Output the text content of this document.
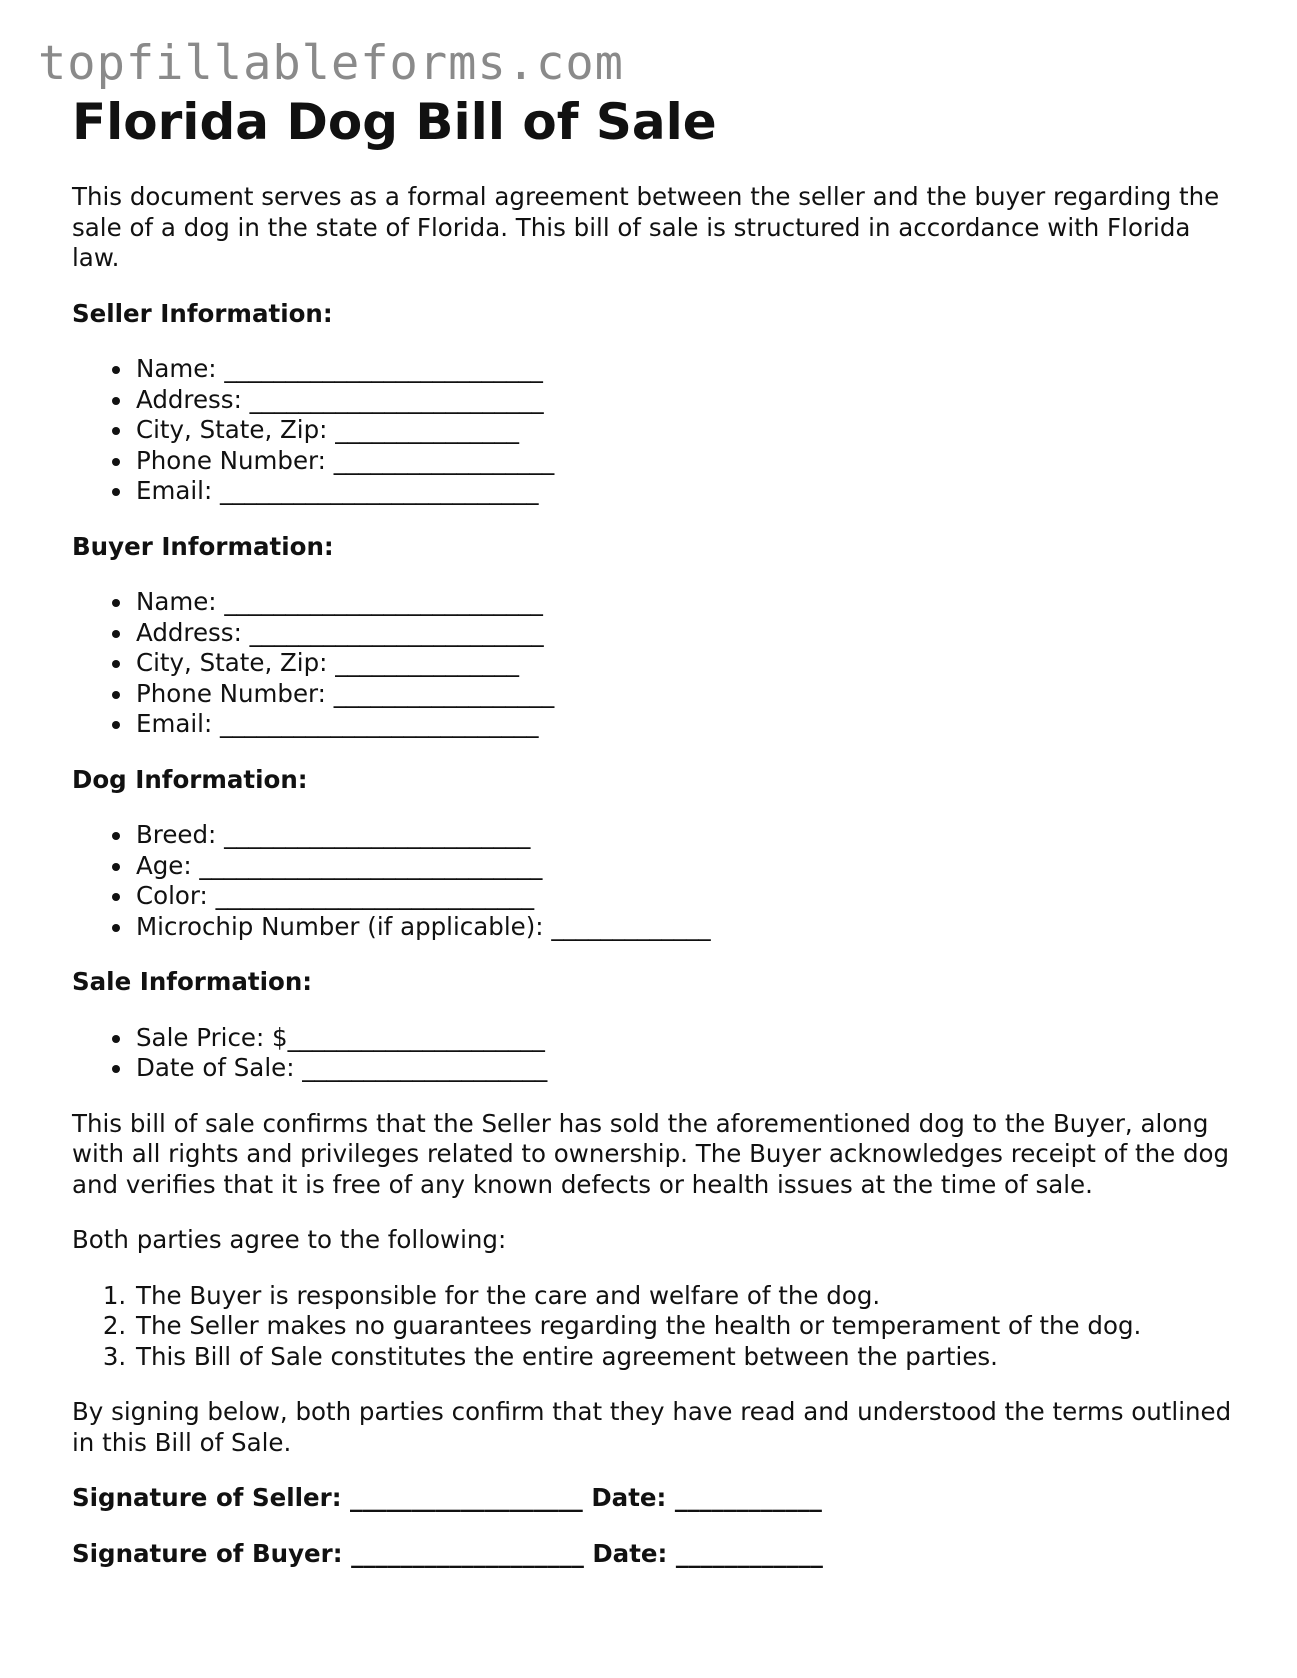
topfillableforms.com
Florida Dog Bill of Sale

This document serves as a formal agreement between the seller and the buyer regarding the sale of a dog in the state of Florida. This bill of sale is structured in accordance with Florida law.

Seller Information:

• Name: __________________________
• Address: ________________________
• City, State, Zip: _______________
• Phone Number: __________________
• Email: __________________________

Buyer Information:

• Name: __________________________
• Address: ________________________
• City, State, Zip: _______________
• Phone Number: __________________
• Email: __________________________

Dog Information:

• Breed: _________________________
• Age: ____________________________
• Color: __________________________
• Microchip Number (if applicable): _____________

Sale Information:

• Sale Price: $_____________________
• Date of Sale: ____________________

This bill of sale confirms that the Seller has sold the aforementioned dog to the Buyer, along with all rights and privileges related to ownership. The Buyer acknowledges receipt of the dog and verifies that it is free of any known defects or health issues at the time of sale.

Both parties agree to the following:

1. The Buyer is responsible for the care and welfare of the dog.
2. The Seller makes no guarantees regarding the health or temperament of the dog.
3. This Bill of Sale constitutes the entire agreement between the parties.

By signing below, both parties confirm that they have read and understood the terms outlined in this Bill of Sale.

Signature of Seller: ___________________ Date: ____________

Signature of Buyer: ___________________ Date: ____________
